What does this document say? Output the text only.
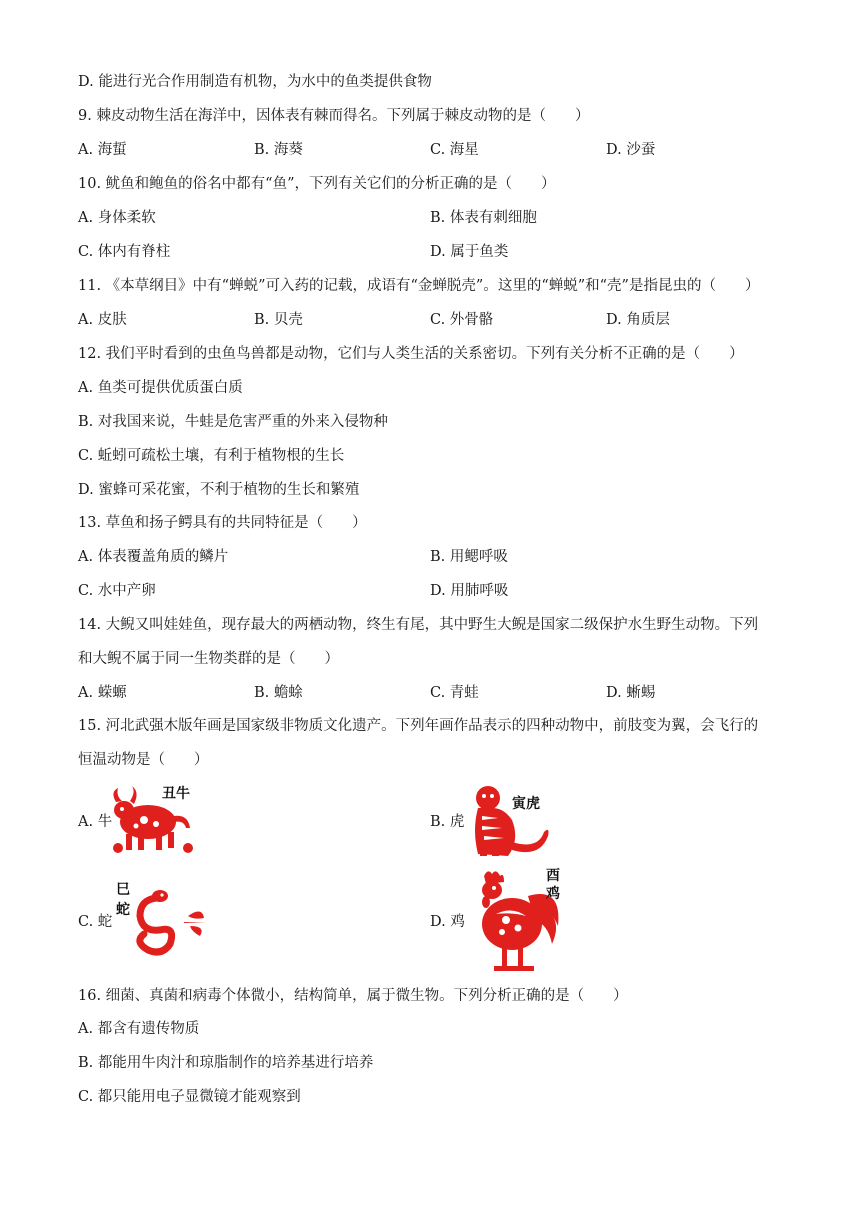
D. 能进行光合作用制造有机物，为水中的鱼类提供食物
9. 棘皮动物生活在海洋中，因体表有棘而得名。下列属于棘皮动物的是（　　）
A. 海蜇	B. 海葵	C. 海星	D. 沙蚕
10. 鱿鱼和鲍鱼的俗名中都有“鱼”，下列有关它们的分析正确的是（　　）
A. 身体柔软	B. 体表有刺细胞
C. 体内有脊柱	D. 属于鱼类
11. 《本草纲目》中有“蝉蜕”可入药的记载，成语有“金蝉脱壳”。这里的“蝉蜕”和“壳”是指昆虫的（　　）
A. 皮肤	B. 贝壳	C. 外骨骼	D. 角质层
12. 我们平时看到的虫鱼鸟兽都是动物，它们与人类生活的关系密切。下列有关分析不正确的是（　　）
A. 鱼类可提供优质蛋白质
B. 对我国来说，牛蛙是危害严重的外来入侵物种
C. 蚯蚓可疏松土壤，有利于植物根的生长
D. 蜜蜂可采花蜜，不利于植物的生长和繁殖
13. 草鱼和扬子鳄具有的共同特征是（　　）
A. 体表覆盖角质的鳞片	B. 用鳃呼吸
C. 水中产卵	D. 用肺呼吸
14. 大鲵又叫娃娃鱼，现存最大的两栖动物，终生有尾，其中野生大鲵是国家二级保护水生野生动物。下列
和大鲵不属于同一生物类群的是（　　）
A. 蝾螈	B. 蟾蜍	C. 青蛙	D. 蜥蜴
15. 河北武强木版年画是国家级非物质文化遗产。下列年画作品表示的四种动物中，前肢变为翼，会飞行的
恒温动物是（　　）
A. 牛
丑牛
B. 虎
寅虎
C. 蛇
巳
蛇
D. 鸡
酉
鸡
16. 细菌、真菌和病毒个体微小，结构简单，属于微生物。下列分析正确的是（　　）
A. 都含有遗传物质
B. 都能用牛肉汁和琼脂制作的培养基进行培养
C. 都只能用电子显微镜才能观察到
